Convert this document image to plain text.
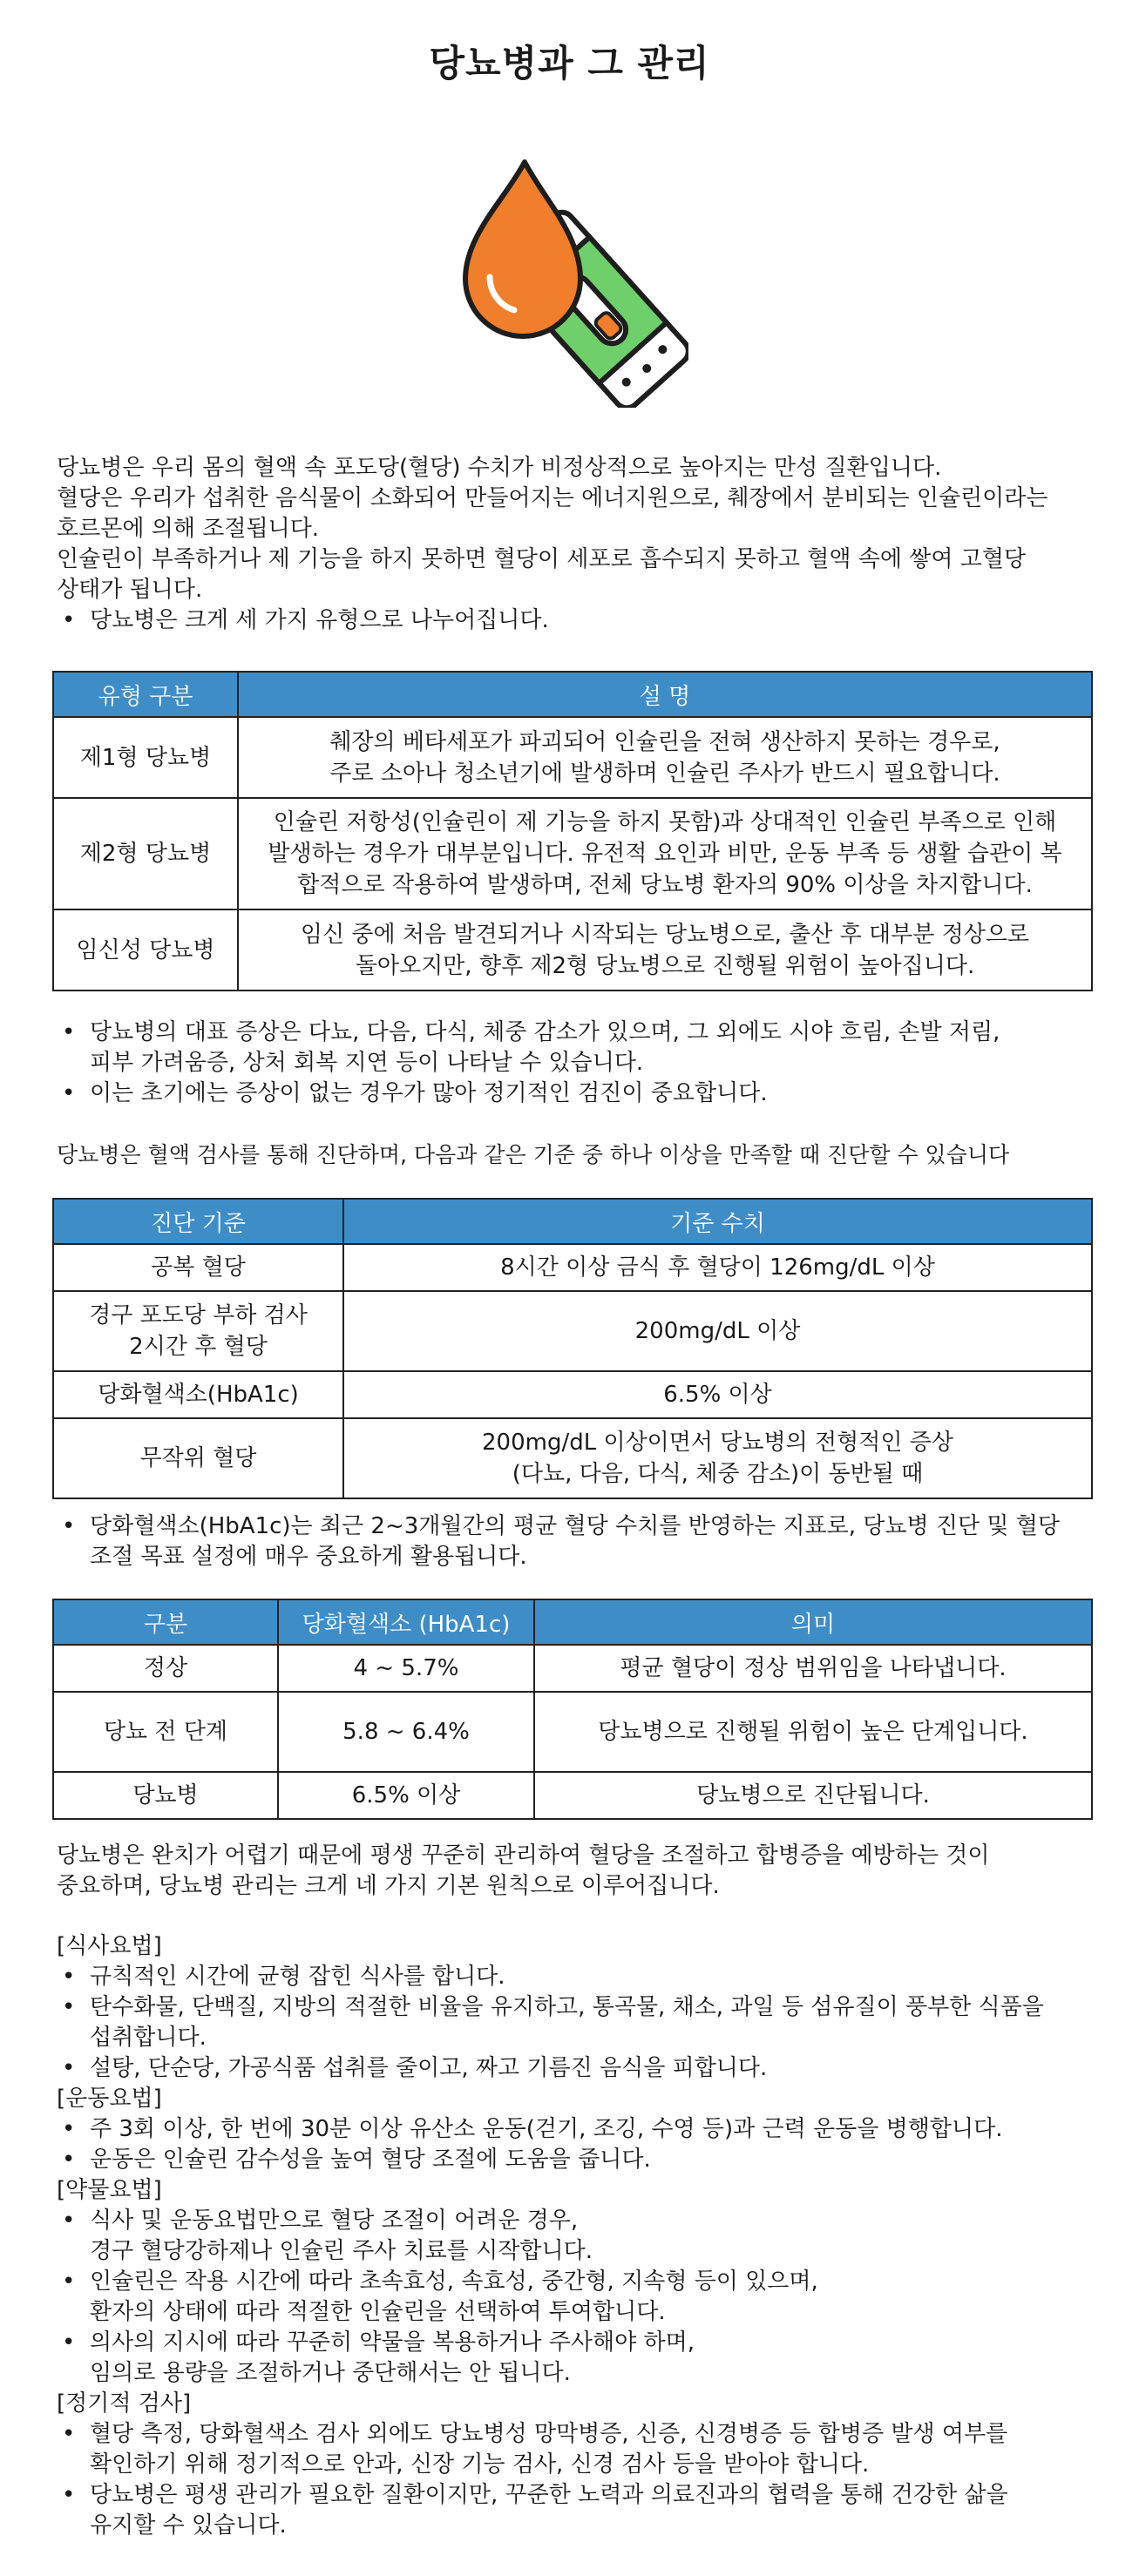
당뇨병과 그 관리
당뇨병은 우리 몸의 혈액 속 포도당(혈당) 수치가 비정상적으로 높아지는 만성 질환입니다.
혈당은 우리가 섭취한 음식물이 소화되어 만들어지는 에너지원으로, 췌장에서 분비되는 인슐린이라는
호르몬에 의해 조절됩니다.
인슐린이 부족하거나 제 기능을 하지 못하면 혈당이 세포로 흡수되지 못하고 혈액 속에 쌓여 고혈당
상태가 됩니다.
• 당뇨병은 크게 세 가지 유형으로 나누어집니다.
유형 구분	설 명
제1형 당뇨병	췌장의 베타세포가 파괴되어 인슐린을 전혀 생산하지 못하는 경우로,
주로 소아나 청소년기에 발생하며 인슐린 주사가 반드시 필요합니다.

제2형 당뇨병	인슐린 저항성(인슐린이 제 기능을 하지 못함)과 상대적인 인슐린 부족으로 인해
발생하는 경우가 대부분입니다. 유전적 요인과 비만, 운동 부족 등 생활 습관이 복
합적으로 작용하여 발생하며, 전체 당뇨병 환자의 90% 이상을 차지합니다.

임신성 당뇨병	임신 중에 처음 발견되거나 시작되는 당뇨병으로, 출산 후 대부분 정상으로
돌아오지만, 향후 제2형 당뇨병으로 진행될 위험이 높아집니다.
• 당뇨병의 대표 증상은 다뇨, 다음, 다식, 체중 감소가 있으며, 그 외에도 시야 흐림, 손발 저림,
피부 가려움증, 상처 회복 지연 등이 나타날 수 있습니다.
• 이는 초기에는 증상이 없는 경우가 많아 정기적인 검진이 중요합니다.
당뇨병은 혈액 검사를 통해 진단하며, 다음과 같은 기준 중 하나 이상을 만족할 때 진단할 수 있습니다
진단 기준	기준 수치

공복 혈당	8시간 이상 금식 후 혈당이 126mg/dL 이상

경구 포도당 부하 검사
2시간 후 혈당	200mg/dL 이상

당화혈색소(HbA1c)	6.5% 이상

무작위 혈당	200mg/dL 이상이면서 당뇨병의 전형적인 증상
(다뇨, 다음, 다식, 체중 감소)이 동반될 때
• 당화혈색소(HbA1c)는 최근 2~3개월간의 평균 혈당 수치를 반영하는 지표로, 당뇨병 진단 및 혈당
조절 목표 설정에 매우 중요하게 활용됩니다.
구분	당화혈색소 (HbA1c)	의미
정상	4 ~ 5.7%	평균 혈당이 정상 범위임을 나타냅니다.
당뇨 전 단계	5.8 ~ 6.4%	당뇨병으로 진행될 위험이 높은 단계입니다.
당뇨병	6.5% 이상	당뇨병으로 진단됩니다.
당뇨병은 완치가 어렵기 때문에 평생 꾸준히 관리하여 혈당을 조절하고 합병증을 예방하는 것이
중요하며, 당뇨병 관리는 크게 네 가지 기본 원칙으로 이루어집니다.
[식사요법]
• 규칙적인 시간에 균형 잡힌 식사를 합니다.
• 탄수화물, 단백질, 지방의 적절한 비율을 유지하고, 통곡물, 채소, 과일 등 섬유질이 풍부한 식품을
섭취합니다.
• 설탕, 단순당, 가공식품 섭취를 줄이고, 짜고 기름진 음식을 피합니다.
[운동요법]
• 주 3회 이상, 한 번에 30분 이상 유산소 운동(걷기, 조깅, 수영 등)과 근력 운동을 병행합니다.
• 운동은 인슐린 감수성을 높여 혈당 조절에 도움을 줍니다.
[약물요법]
• 식사 및 운동요법만으로 혈당 조절이 어려운 경우,
경구 혈당강하제나 인슐린 주사 치료를 시작합니다.
• 인슐린은 작용 시간에 따라 초속효성, 속효성, 중간형, 지속형 등이 있으며,
환자의 상태에 따라 적절한 인슐린을 선택하여 투여합니다.
• 의사의 지시에 따라 꾸준히 약물을 복용하거나 주사해야 하며,
임의로 용량을 조절하거나 중단해서는 안 됩니다.
[정기적 검사]
• 혈당 측정, 당화혈색소 검사 외에도 당뇨병성 망막병증, 신증, 신경병증 등 합병증 발생 여부를
확인하기 위해 정기적으로 안과, 신장 기능 검사, 신경 검사 등을 받아야 합니다.
• 당뇨병은 평생 관리가 필요한 질환이지만, 꾸준한 노력과 의료진과의 협력을 통해 건강한 삶을
유지할 수 있습니다.
